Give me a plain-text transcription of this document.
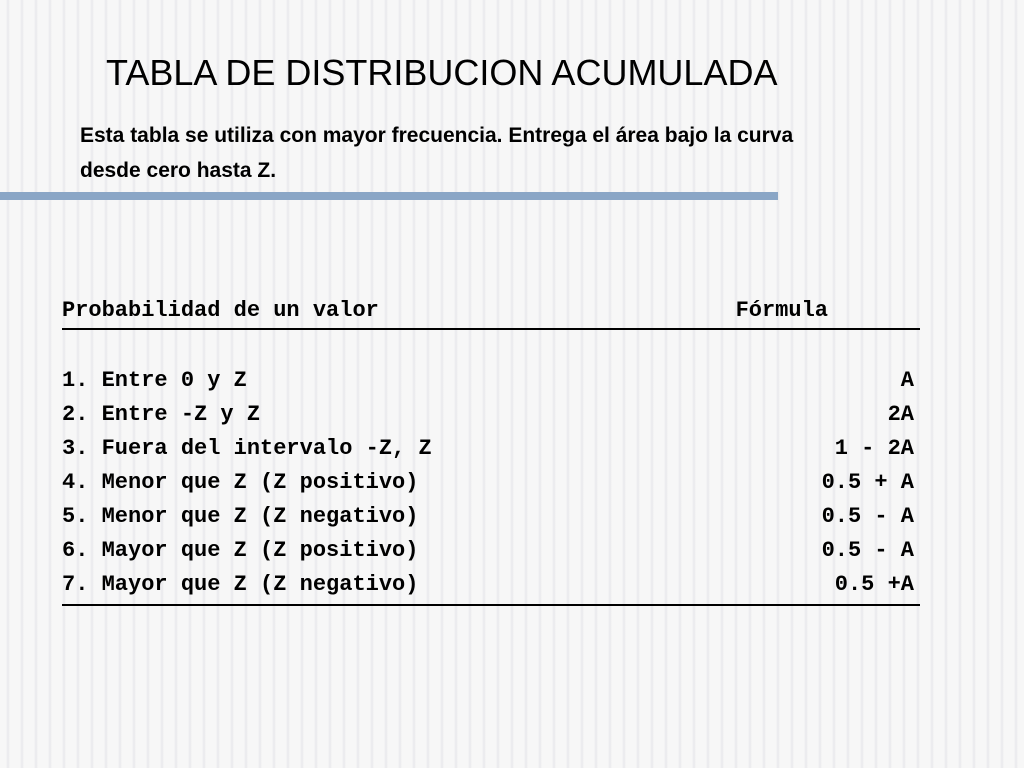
TABLA DE DISTRIBUCION ACUMULADA
Esta tabla se utiliza con mayor frecuencia. Entrega el área bajo la curva
desde cero hasta Z.
Probabilidad de un valor	Fórmula
1. Entre 0 y Z	A
2. Entre -Z y Z	2A
3. Fuera del intervalo -Z, Z	1 - 2A
4. Menor que Z (Z positivo)	0.5 + A
5. Menor que Z (Z negativo)	0.5 - A
6. Mayor que Z (Z positivo)	0.5 - A
7. Mayor que Z (Z negativo)	0.5 +A
